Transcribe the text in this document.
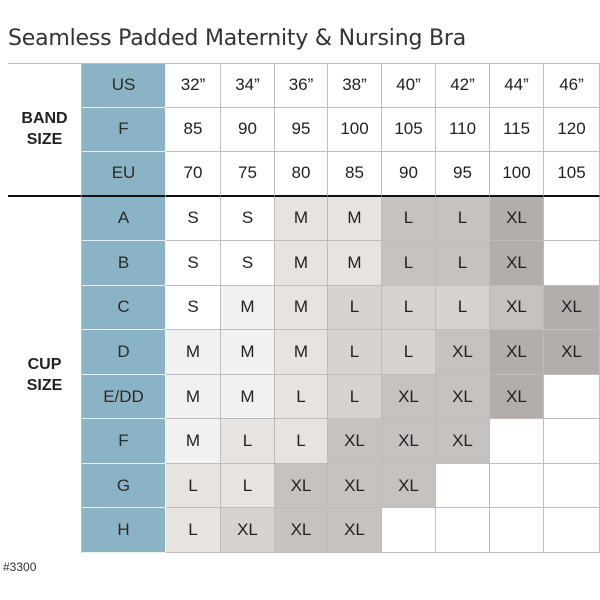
Seamless Padded Maternity & Nursing Bra
BAND
SIZE
CUP
SIZE
US	32”	34”	36”	38”	40”	42”	44”	46”
F	85	90	95	100	105	110	115	120
EU	70	75	80	85	90	95	100	105
A	S	S	M	M	L	L	XL
B	S	S	M	M	L	L	XL
C	S	M	M	L	L	L	XL	XL
D	M	M	M	L	L	XL	XL	XL
E/DD	M	M	L	L	XL	XL	XL
F	M	L	L	XL	XL	XL
G	L	L	XL	XL	XL
H	L	XL	XL	XL
#3300
